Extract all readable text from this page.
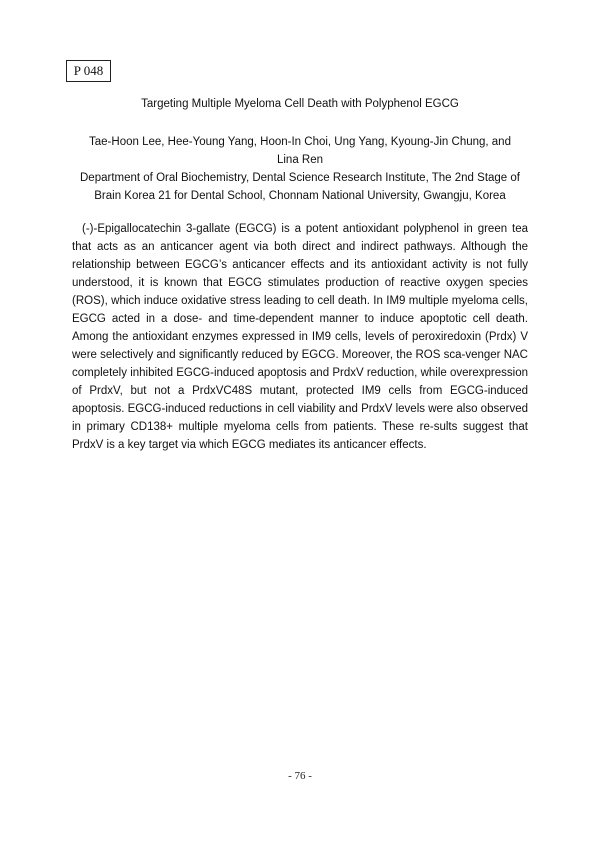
P 048
Targeting Multiple Myeloma Cell Death with Polyphenol EGCG
Tae-Hoon Lee, Hee-Young Yang, Hoon-In Choi, Ung Yang, Kyoung-Jin Chung, and Lina Ren
Department of Oral Biochemistry, Dental Science Research Institute, The 2nd Stage of Brain Korea 21 for Dental School, Chonnam National University, Gwangju, Korea

(-)-Epigallocatechin 3-gallate (EGCG) is a potent antioxidant polyphenol in green tea that acts as an anticancer agent via both direct and indirect pathways. Although the relationship between EGCG’s anticancer effects and its antioxidant activity is not fully understood, it is known that EGCG stimulates production of reactive oxygen species (ROS), which induce oxidative stress leading to cell death. In IM9 multiple myeloma cells, EGCG acted in a dose- and time-dependent manner to induce apoptotic cell death. Among the antioxidant enzymes expressed in IM9 cells, levels of peroxiredoxin (Prdx) V were selectively and significantly reduced by EGCG. Moreover, the ROS sca-venger NAC completely inhibited EGCG-induced apoptosis and PrdxV reduction, while overexpression of PrdxV, but not a PrdxVC48S mutant, protected IM9 cells from EGCG-induced apoptosis. EGCG-induced reductions in cell viability and PrdxV levels were also observed in primary CD138+ multiple myeloma cells from patients. These re-sults suggest that PrdxV is a key target via which EGCG mediates its anticancer effects.

- 76 -
